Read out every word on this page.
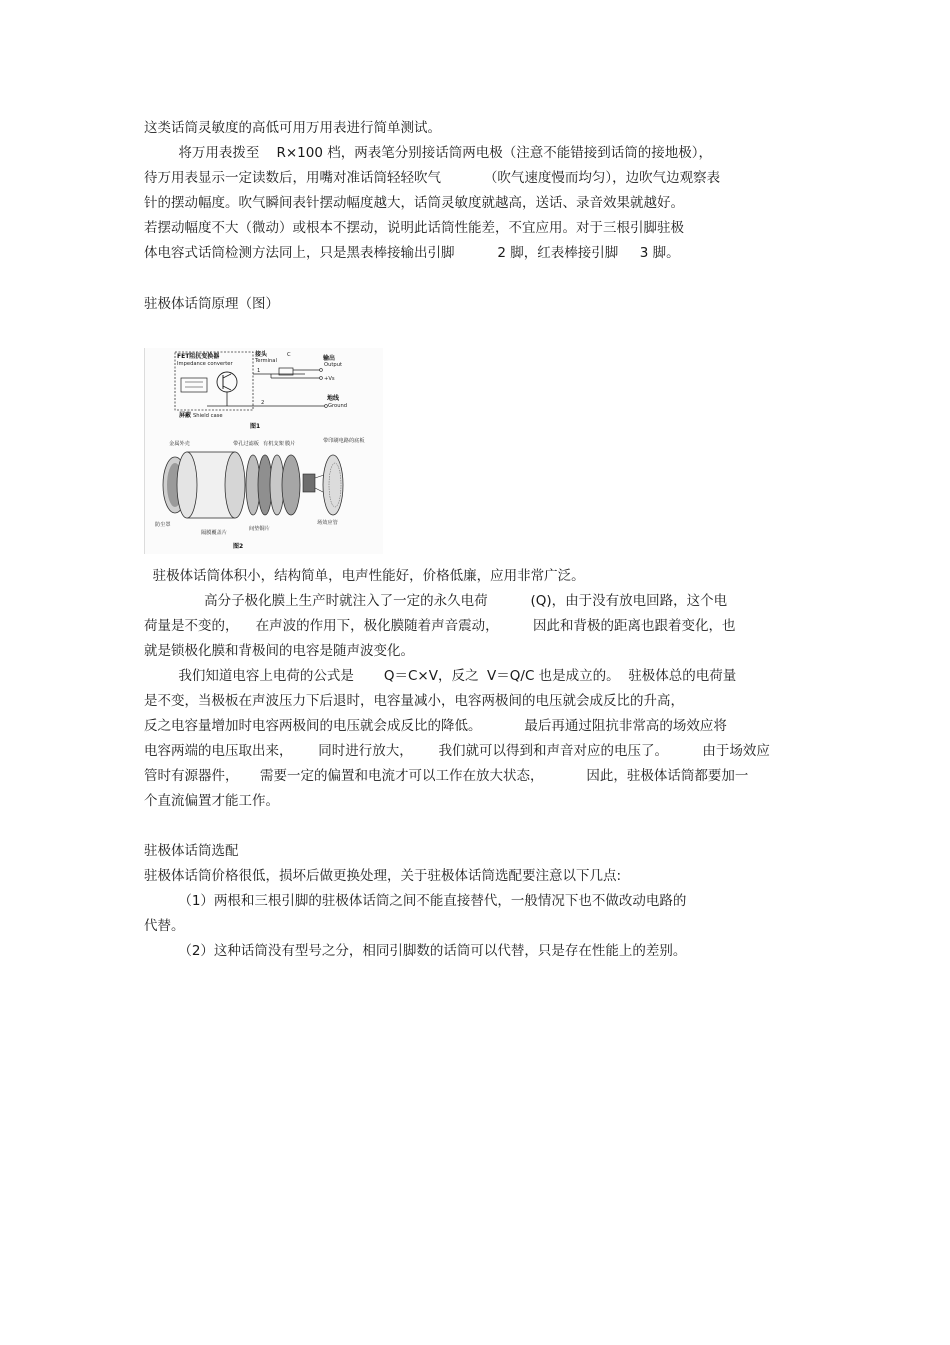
这类话筒灵敏度的高低可用万用表进行简单测试。

将万用表拨至    R×100 档，两表笔分别接话筒两电极（注意不能错接到话筒的接地极），

待万用表显示一定读数后，用嘴对准话筒轻轻吹气          （吹气速度慢而均匀），边吹气边观察表

针的摆动幅度。吹气瞬间表针摆动幅度越大，话筒灵敏度就越高，送话、录音效果就越好。

若摆动幅度不大（微动）或根本不摆动，说明此话筒性能差，不宜应用。对于三根引脚驻极

体电容式话筒检测方法同上，只是黑表棒接输出引脚          2 脚，红表棒接引脚     3 脚。

驻极体话筒原理（图）

FET阻抗变换器
Impedance converter
接头
Terminal
C	输出
Output
+Vs
地线
Ground
1
2
屏蔽 Shield case
图1
金属外壳	带孔过滤板 有机支架 膜片	带印刷电路的底板
防尘罩
隔膜覆盖片
间垫铜片
场效应管
图2

驻极体话筒体积小，结构简单，电声性能好，价格低廉，应用非常广泛。

高分子极化膜上生产时就注入了一定的永久电荷          (Q)，由于没有放电回路，这个电

荷量是不变的，    在声波的作用下，极化膜随着声音震动，        因此和背极的距离也跟着变化，也

就是锁极化膜和背极间的电容是随声波变化。

我们知道电容上电荷的公式是       Q＝C×V，反之  V＝Q/C 也是成立的。  驻极体总的电荷量

是不变，当极板在声波压力下后退时，电容量减小，电容两极间的电压就会成反比的升高，

反之电容量增加时电容两极间的电压就会成反比的降低。          最后再通过阻抗非常高的场效应将

电容两端的电压取出来，      同时进行放大，      我们就可以得到和声音对应的电压了。        由于场效应

管时有源器件，     需要一定的偏置和电流才可以工作在放大状态，          因此，驻极体话筒都要加一

个直流偏置才能工作。

驻极体话筒选配

驻极体话筒价格很低，损坏后做更换处理，关于驻极体话筒选配要注意以下几点:

（1）两根和三根引脚的驻极体话筒之间不能直接替代，一般情况下也不做改动电路的

代替。

（2）这种话筒没有型号之分，相同引脚数的话筒可以代替，只是存在性能上的差别。
